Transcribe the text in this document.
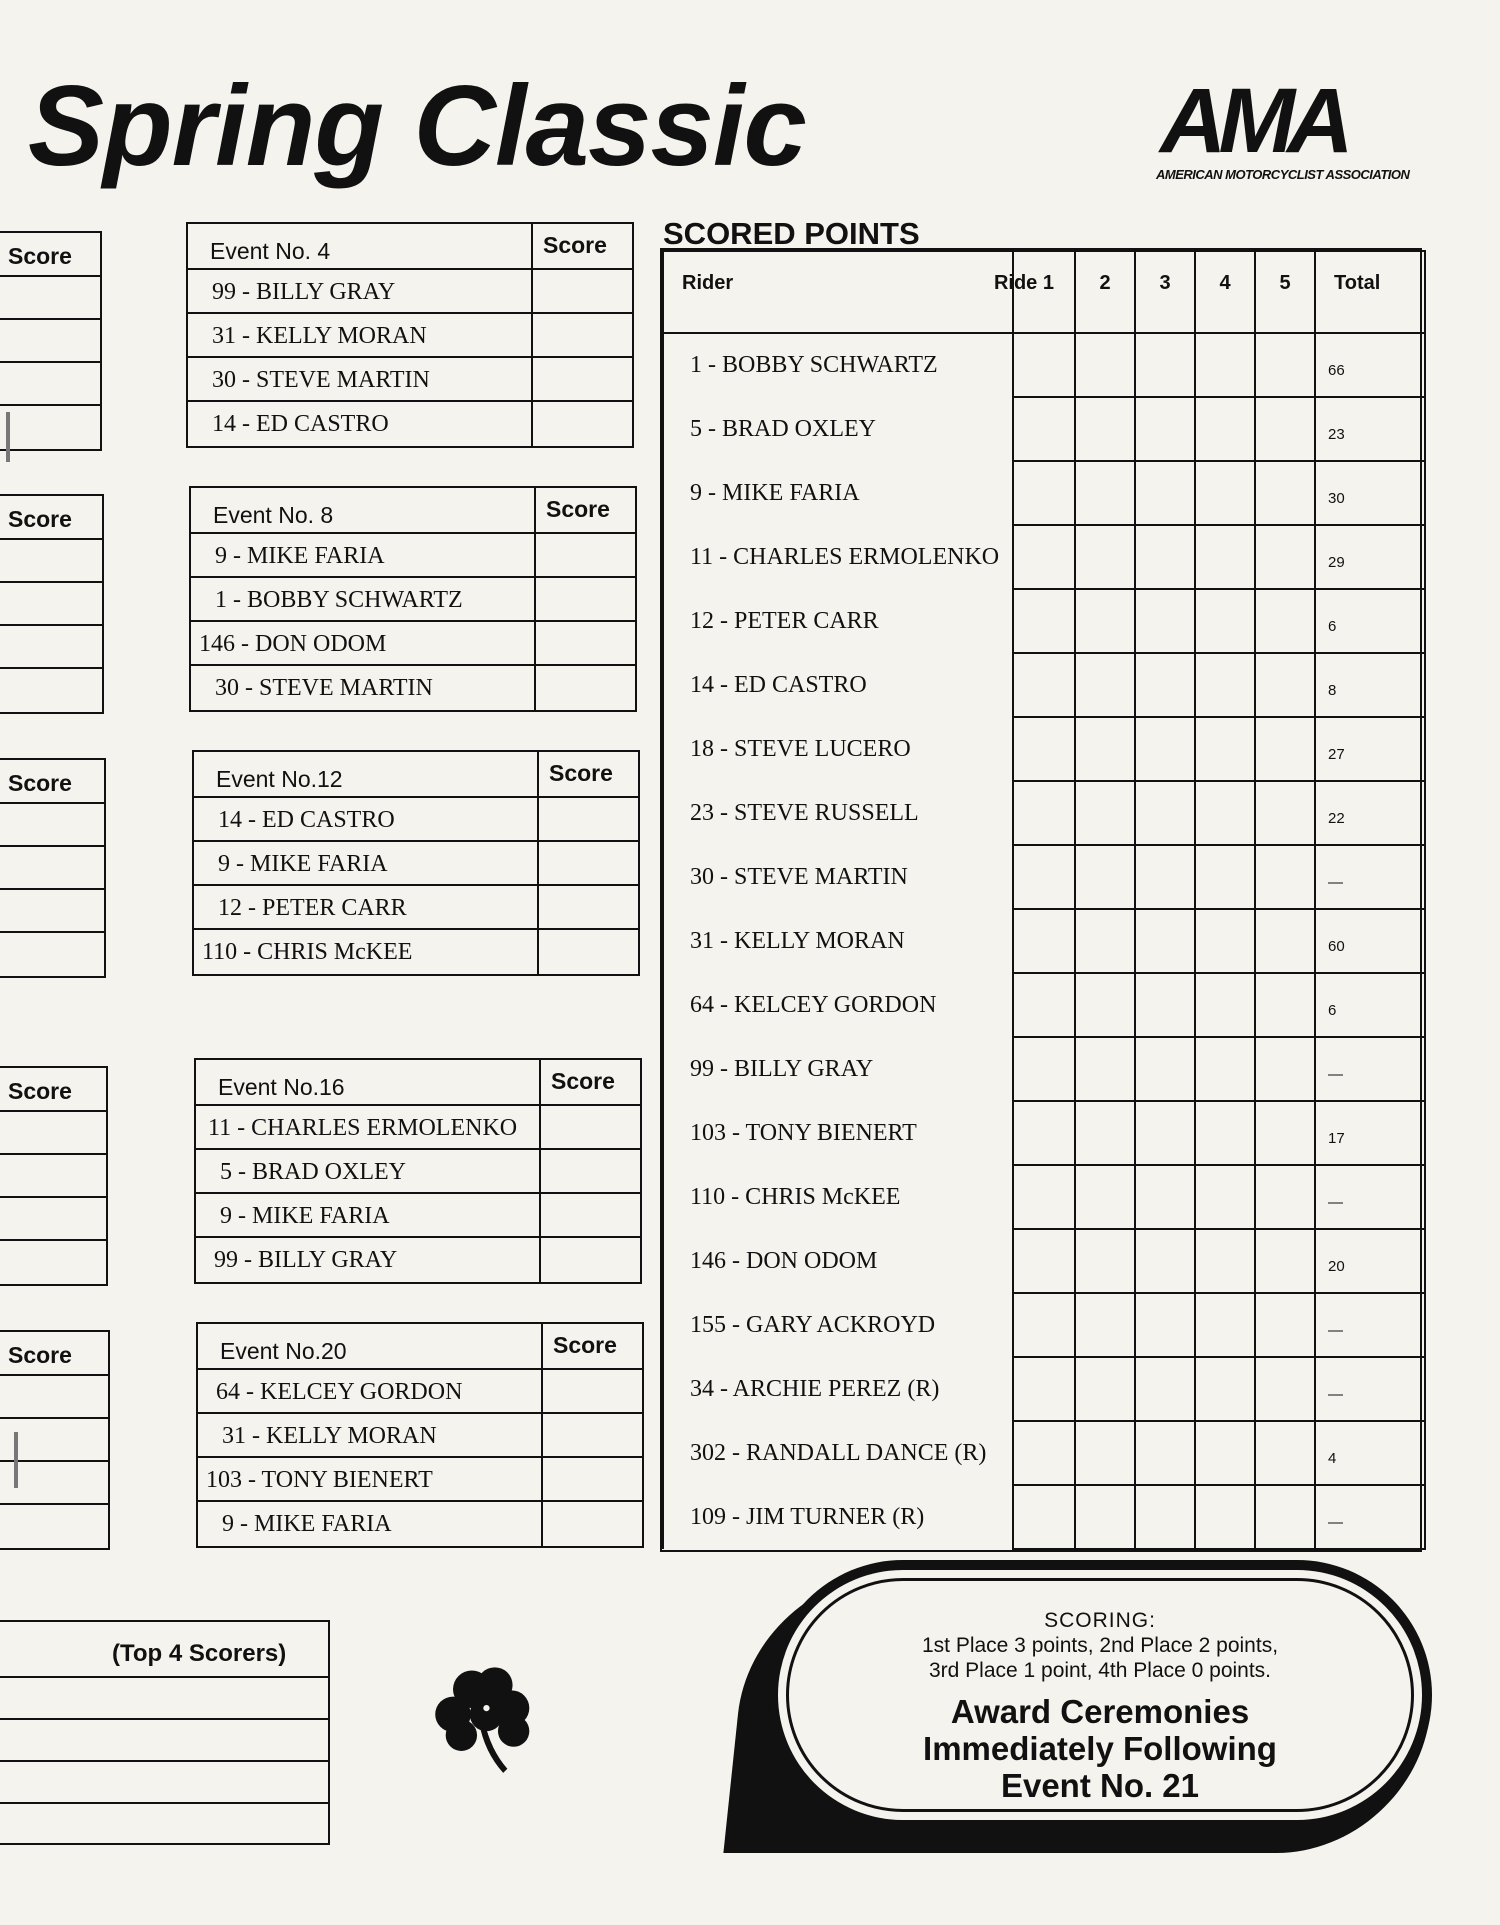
Spring Classic	AMA
AMERICAN MOTORCYCLIST ASSOCIATION
Score
Score
Score
Score
Score
Event No. 4	Score
99 - BILLY GRAY
31 - KELLY MORAN
30 - STEVE MARTIN
14 - ED CASTRO
Event No. 8	Score
9 - MIKE FARIA
1 - BOBBY SCHWARTZ
146 - DON ODOM
30 - STEVE MARTIN
Event No.12	Score
14 - ED CASTRO
9 - MIKE FARIA
12 - PETER CARR
110 - CHRIS McKEE
Event No.16	Score
11 - CHARLES ERMOLENKO
5 - BRAD OXLEY
9 - MIKE FARIA
99 - BILLY GRAY
Event No.20	Score
64 - KELCEY GORDON
31 - KELLY MORAN
103 - TONY BIENERT
9 - MIKE FARIA
SCORED POINTS
Rider Ride 1		2	3	4	5	Total
1 - BOBBY SCHWARTZ						66
5 - BRAD OXLEY						23
9 - MIKE FARIA						30
11 - CHARLES ERMOLENKO						29
12 - PETER CARR						6
14 - ED CASTRO						8
18 - STEVE LUCERO						27
23 - STEVE RUSSELL						22
30 - STEVE MARTIN						—
31 - KELLY MORAN						60
64 - KELCEY GORDON						6
99 - BILLY GRAY						—
103 - TONY BIENERT						17
110 - CHRIS McKEE						—
146 - DON ODOM						20
155 - GARY ACKROYD						—
34 - ARCHIE PEREZ (R)						—
302 - RANDALL DANCE (R)						4
109 - JIM TURNER (R)						—
(Top 4 Scorers)
SCORING:
1st Place 3 points, 2nd Place 2 points,
3rd Place 1 point, 4th Place 0 points.
Award Ceremonies
Immediately Following
Event No. 21
